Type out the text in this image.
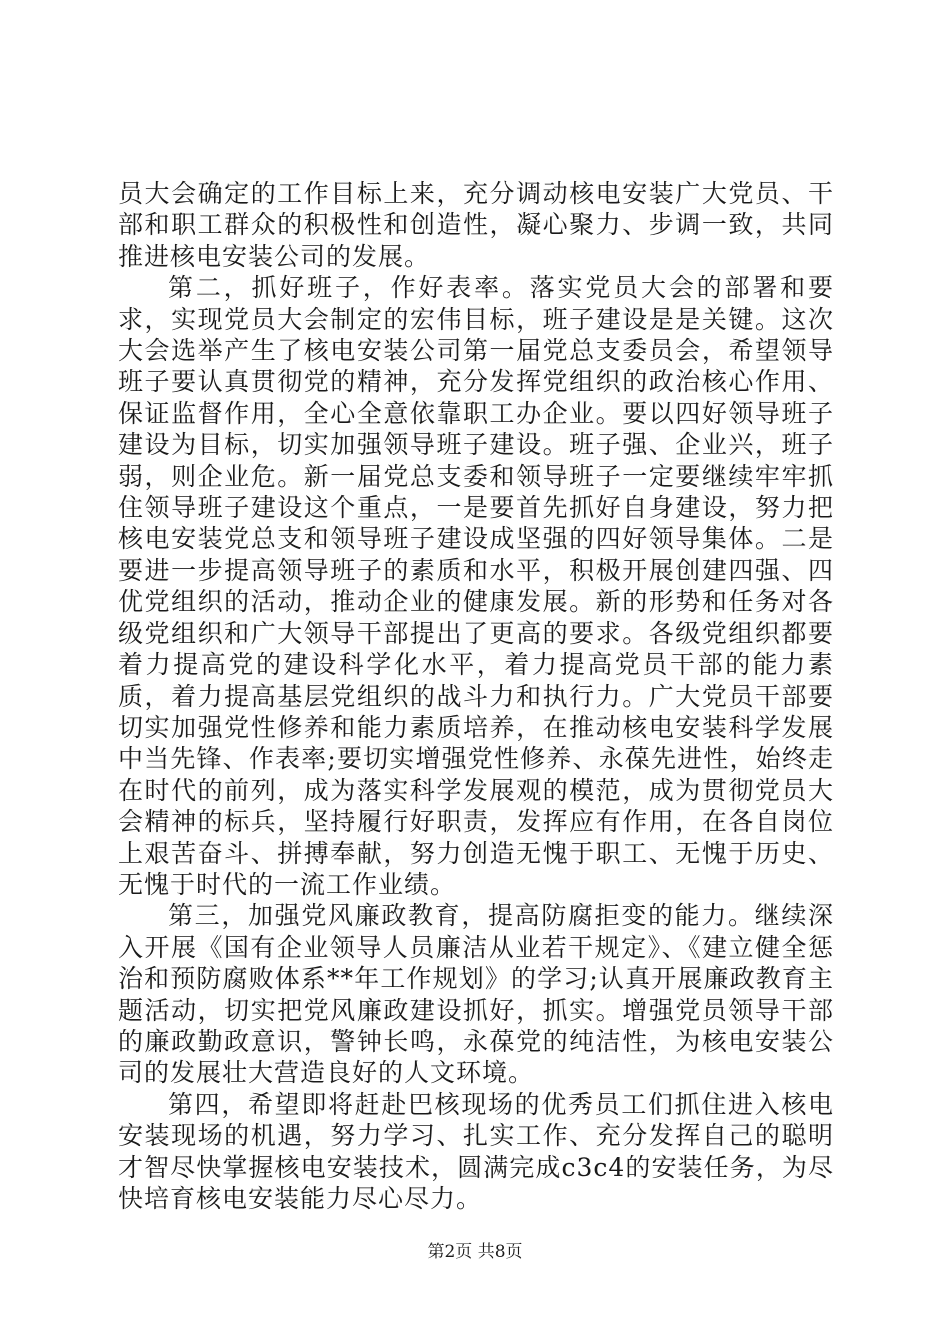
员大会确定的工作目标上来，充分调动核电安装广大党员、干部和职工群众的积极性和创造性，凝心聚力、步调一致，共同推进核电安装公司的发展。

第二，抓好班子，作好表率。落实党员大会的部署和要求，实现党员大会制定的宏伟目标，班子建设是是关键。这次大会选举产生了核电安装公司第一届党总支委员会，希望领导班子要认真贯彻党的精神，充分发挥党组织的政治核心作用、保证监督作用，全心全意依靠职工办企业。要以四好领导班子建设为目标，切实加强领导班子建设。班子强、企业兴，班子弱，则企业危。新一届党总支委和领导班子一定要继续牢牢抓住领导班子建设这个重点，一是要首先抓好自身建设，努力把核电安装党总支和领导班子建设成坚强的四好领导集体。二是要进一步提高领导班子的素质和水平，积极开展创建四强、四优党组织的活动，推动企业的健康发展。新的形势和任务对各级党组织和广大领导干部提出了更高的要求。各级党组织都要着力提高党的建设科学化水平，着力提高党员干部的能力素质，着力提高基层党组织的战斗力和执行力。广大党员干部要切实加强党性修养和能力素质培养，在推动核电安装科学发展中当先锋、作表率;要切实增强党性修养、永葆先进性，始终走在时代的前列，成为落实科学发展观的模范，成为贯彻党员大会精神的标兵，坚持履行好职责，发挥应有作用，在各自岗位上艰苦奋斗、拼搏奉献，努力创造无愧于职工、无愧于历史、无愧于时代的一流工作业绩。

第三，加强党风廉政教育，提高防腐拒变的能力。继续深入开展《国有企业领导人员廉洁从业若干规定》、《建立健全惩治和预防腐败体系**年工作规划》的学习;认真开展廉政教育主题活动，切实把党风廉政建设抓好，抓实。增强党员领导干部的廉政勤政意识，警钟长鸣，永葆党的纯洁性，为核电安装公司的发展壮大营造良好的人文环境。

第四，希望即将赶赴巴核现场的优秀员工们抓住进入核电安装现场的机遇，努力学习、扎实工作、充分发挥自己的聪明才智尽快掌握核电安装技术，圆满完成c3c4的安装任务，为尽快培育核电安装能力尽心尽力。

第2页 共8页
